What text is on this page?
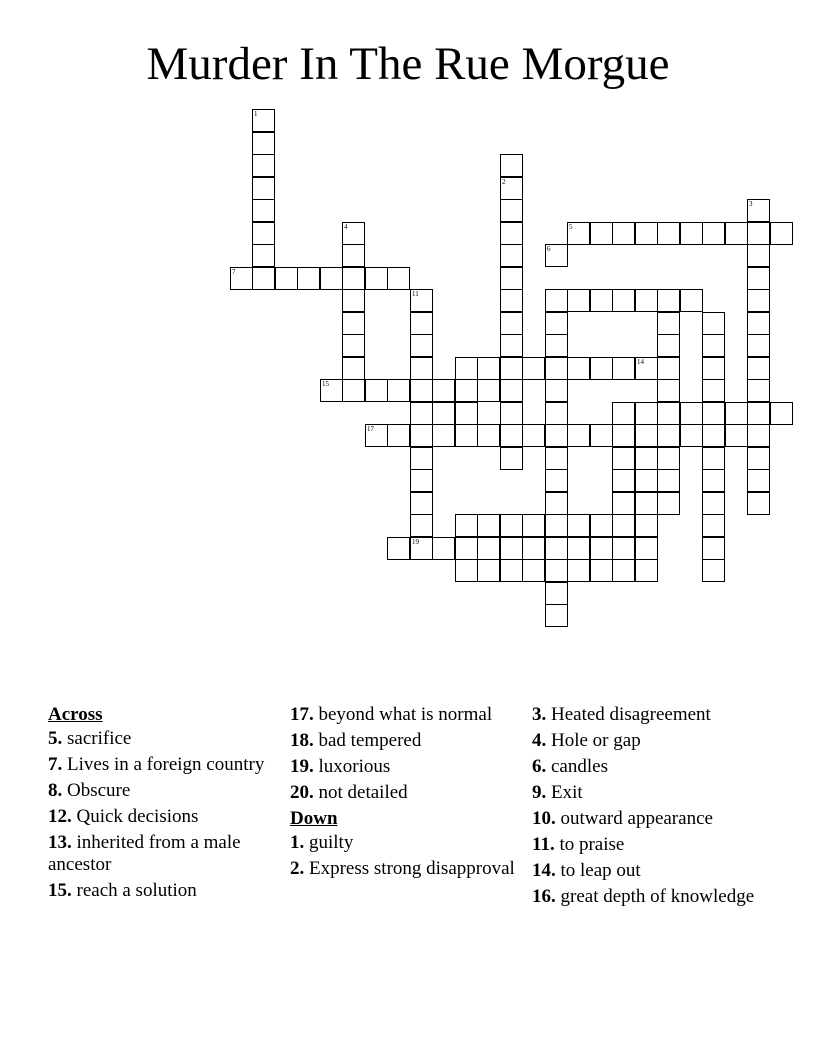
Murder In The Rue Morgue
1
7
4
15
2
11
17
14
6
5
3
19
Across
5. sacrifice
7. Lives in a foreign country
8. Obscure
12. Quick decisions
13. inherited from a male ancestor
15. reach a solution
17. beyond what is normal
18. bad tempered
19. luxorious
20. not detailed
Down
1. guilty
2. Express strong disapproval
3. Heated disagreement
4. Hole or gap
6. candles
9. Exit
10. outward appearance
11. to praise
14. to leap out
16. great depth of knowledge
